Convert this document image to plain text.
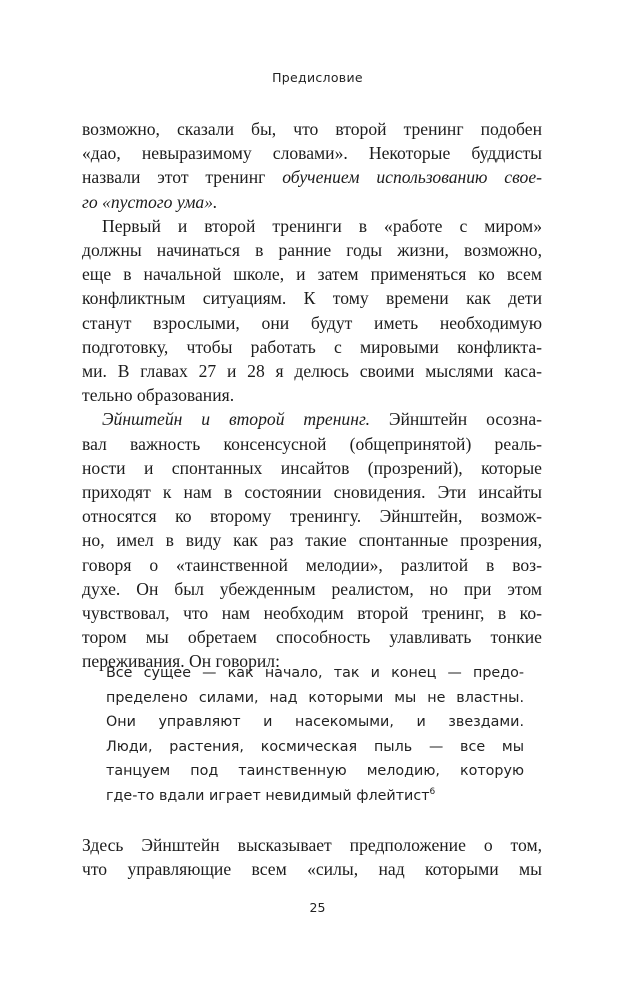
Предисловие

возможно, сказали бы, что второй тренинг подобен
«дао, невыразимому словами». Некоторые буддисты
назвали этот тренинг обучением использованию свое-
го «пустого ума».

Первый и второй тренинги в «работе с миром»
должны начинаться в ранние годы жизни, возможно,
еще в начальной школе, и затем применяться ко всем
конфликтным ситуациям. К тому времени как дети
станут взрослыми, они будут иметь необходимую
подготовку, чтобы работать с мировыми конфликта-
ми. В главах 27 и 28 я делюсь своими мыслями каса-
тельно образования.

Эйнштейн и второй тренинг. Эйнштейн осозна-
вал важность консенсусной (общепринятой) реаль-
ности и спонтанных инсайтов (прозрений), которые
приходят к нам в состоянии сновидения. Эти инсайты
относятся ко второму тренингу. Эйнштейн, возмож-
но, имел в виду как раз такие спонтанные прозрения,
говоря о «таинственной мелодии», разлитой в воз-
духе. Он был убежденным реалистом, но при этом
чувствовал, что нам необходим второй тренинг, в ко-
тором мы обретаем способность улавливать тонкие
переживания. Он говорил:

Все сущее — как начало, так и конец — предо-
пределено силами, над которыми мы не властны.
Они управляют и насекомыми, и звездами.
Люди, растения, космическая пыль — все мы
танцуем под таинственную мелодию, которую
где-то вдали играет невидимый флейтист$^6$

Здесь Эйнштейн высказывает предположение о том,
что управляющие всем «силы, над которыми мы

25
